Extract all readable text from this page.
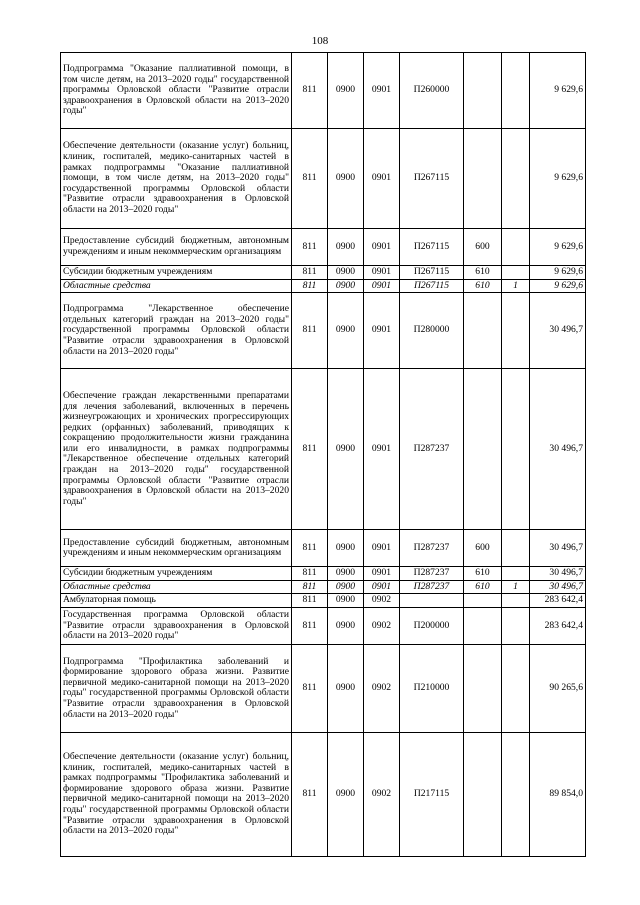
108
Подпрограмма "Оказание паллиативной помощи, в том числе детям, на 2013–2020 годы" государственной программы Орловской области "Развитие отрасли здравоохранения в Орловской области на 2013–2020 годы"	811	0900	0901	П260000			9 629,6
Обеспечение деятельности (оказание услуг) больниц, клиник, госпиталей, медико-санитарных частей в рамках подпрограммы "Оказание паллиативной помощи, в том числе детям, на 2013–2020 годы" государственной программы Орловской области "Развитие отрасли здравоохранения в Орловской области на 2013–2020 годы"	811	0900	0901	П267115			9 629,6
Предоставление субсидий бюджетным, автономным учреждениям и иным некоммерческим организациям	811	0900	0901	П267115	600		9 629,6
Субсидии бюджетным учреждениям	811	0900	0901	П267115	610		9 629,6
Областные средства	811	0900	0901	П267115	610	1	9 629,6
Подпрограмма "Лекарственное обеспечение отдельных категорий граждан на 2013–2020 годы" государственной программы Орловской области "Развитие отрасли здравоохранения в Орловской области на 2013–2020 годы"	811	0900	0901	П280000			30 496,7
Обеспечение граждан лекарственными препаратами для лечения заболеваний, включенных в перечень жизнеугрожающих и хронических прогрессирующих редких (орфанных) заболеваний, приводящих к сокращению продолжительности жизни гражданина или его инвалидности, в рамках подпрограммы "Лекарственное обеспечение отдельных категорий граждан на 2013–2020 годы" государственной программы Орловской области "Развитие отрасли здравоохранения в Орловской области на 2013–2020 годы"	811	0900	0901	П287237			30 496,7
Предоставление субсидий бюджетным, автономным учреждениям и иным некоммерческим организациям	811	0900	0901	П287237	600		30 496,7
Субсидии бюджетным учреждениям	811	0900	0901	П287237	610		30 496,7
Областные средства	811	0900	0901	П287237	610	1	30 496,7
Амбулаторная помощь	811	0900	0902				283 642,4
Государственная программа Орловской области "Развитие отрасли здравоохранения в Орловской области на 2013–2020 годы"	811	0900	0902	П200000			283 642,4
Подпрограмма "Профилактика заболеваний и формирование здорового образа жизни. Развитие первичной медико-санитарной помощи на 2013–2020 годы" государственной программы Орловской области "Развитие отрасли здравоохранения в Орловской области на 2013–2020 годы"	811	0900	0902	П210000			90 265,6
Обеспечение деятельности (оказание услуг) больниц, клиник, госпиталей, медико-санитарных частей в рамках подпрограммы "Профилактика заболеваний и формирование здорового образа жизни. Развитие первичной медико-санитарной помощи на 2013–2020 годы" государственной программы Орловской области "Развитие отрасли здравоохранения в Орловской области на 2013–2020 годы"	811	0900	0902	П217115			89 854,0
